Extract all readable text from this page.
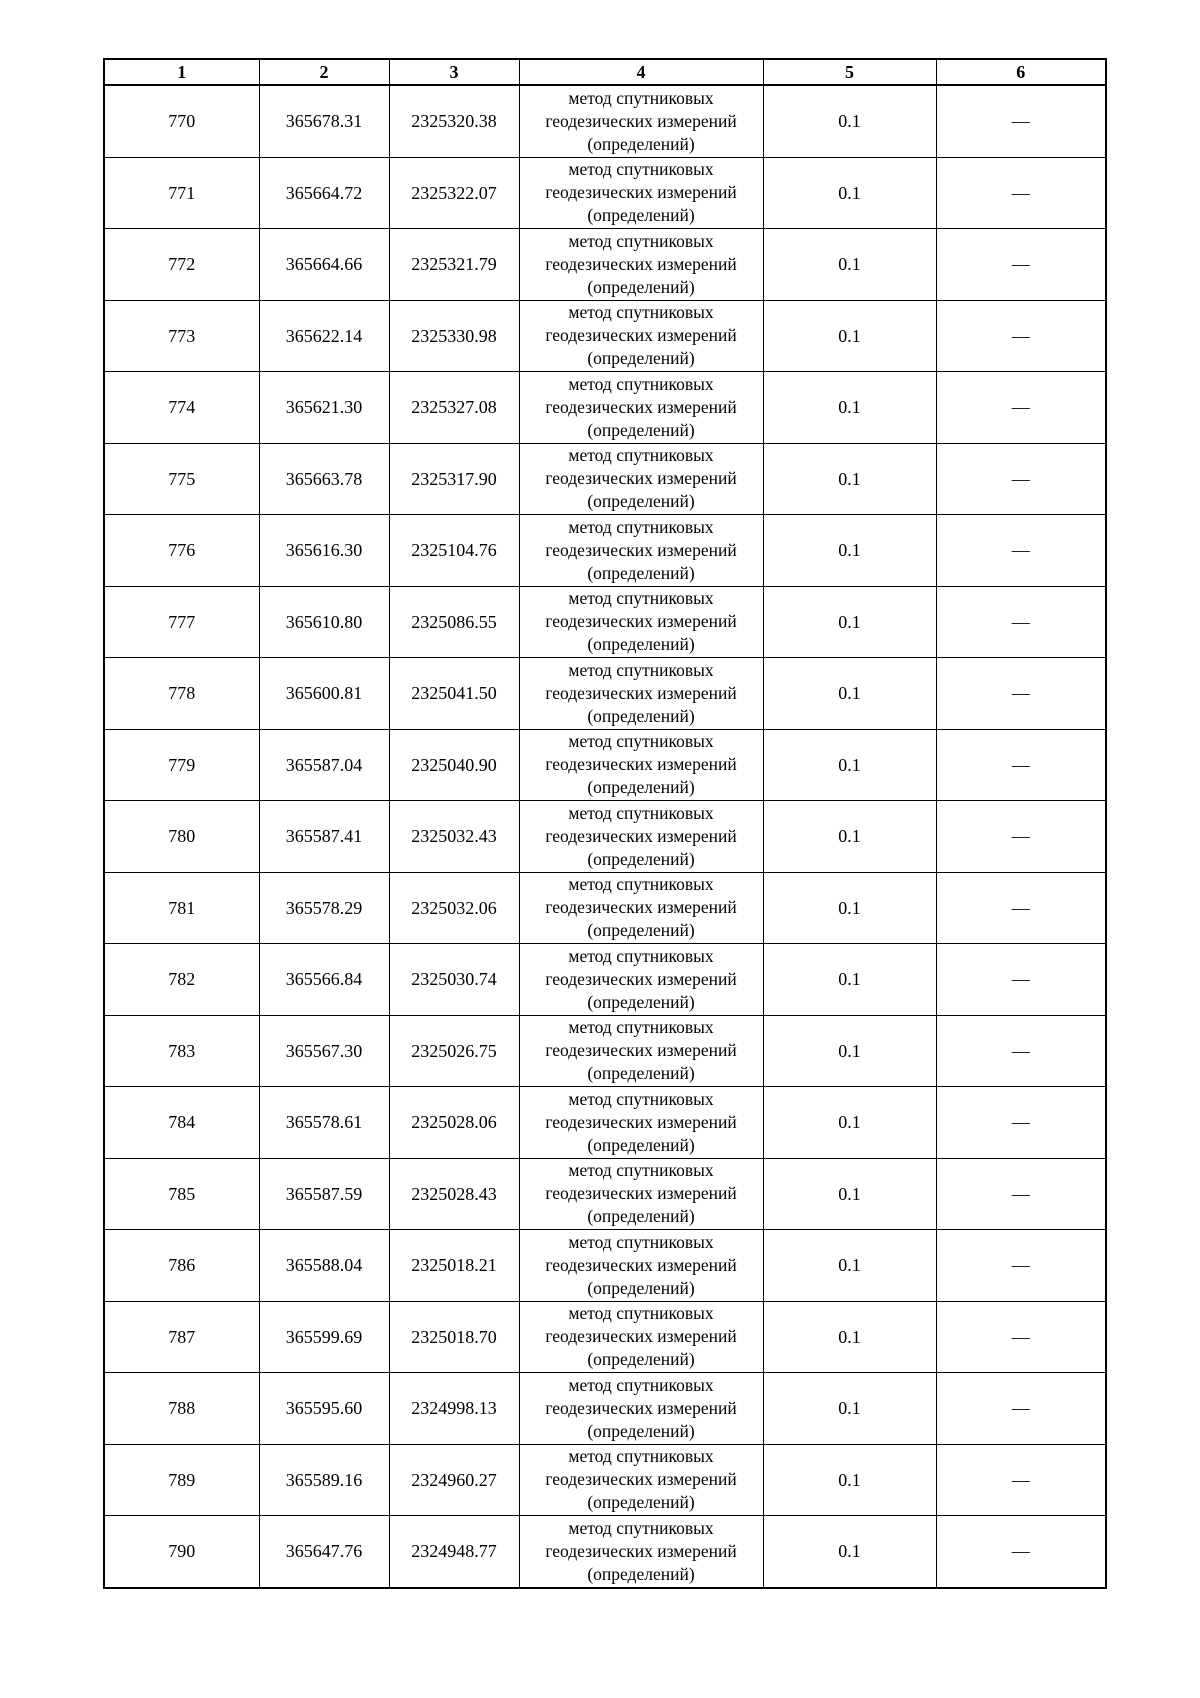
1	2	3	4	5	6
770	365678.31	2325320.38	метод спутниковых
геодезических измерений
(определений)	0.1	—
771	365664.72	2325322.07	метод спутниковых
геодезических измерений
(определений)	0.1	—
772	365664.66	2325321.79	метод спутниковых
геодезических измерений
(определений)	0.1	—
773	365622.14	2325330.98	метод спутниковых
геодезических измерений
(определений)	0.1	—
774	365621.30	2325327.08	метод спутниковых
геодезических измерений
(определений)	0.1	—
775	365663.78	2325317.90	метод спутниковых
геодезических измерений
(определений)	0.1	—
776	365616.30	2325104.76	метод спутниковых
геодезических измерений
(определений)	0.1	—
777	365610.80	2325086.55	метод спутниковых
геодезических измерений
(определений)	0.1	—
778	365600.81	2325041.50	метод спутниковых
геодезических измерений
(определений)	0.1	—
779	365587.04	2325040.90	метод спутниковых
геодезических измерений
(определений)	0.1	—
780	365587.41	2325032.43	метод спутниковых
геодезических измерений
(определений)	0.1	—
781	365578.29	2325032.06	метод спутниковых
геодезических измерений
(определений)	0.1	—
782	365566.84	2325030.74	метод спутниковых
геодезических измерений
(определений)	0.1	—
783	365567.30	2325026.75	метод спутниковых
геодезических измерений
(определений)	0.1	—
784	365578.61	2325028.06	метод спутниковых
геодезических измерений
(определений)	0.1	—
785	365587.59	2325028.43	метод спутниковых
геодезических измерений
(определений)	0.1	—
786	365588.04	2325018.21	метод спутниковых
геодезических измерений
(определений)	0.1	—
787	365599.69	2325018.70	метод спутниковых
геодезических измерений
(определений)	0.1	—
788	365595.60	2324998.13	метод спутниковых
геодезических измерений
(определений)	0.1	—
789	365589.16	2324960.27	метод спутниковых
геодезических измерений
(определений)	0.1	—
790	365647.76	2324948.77	метод спутниковых
геодезических измерений
(определений)	0.1	—
